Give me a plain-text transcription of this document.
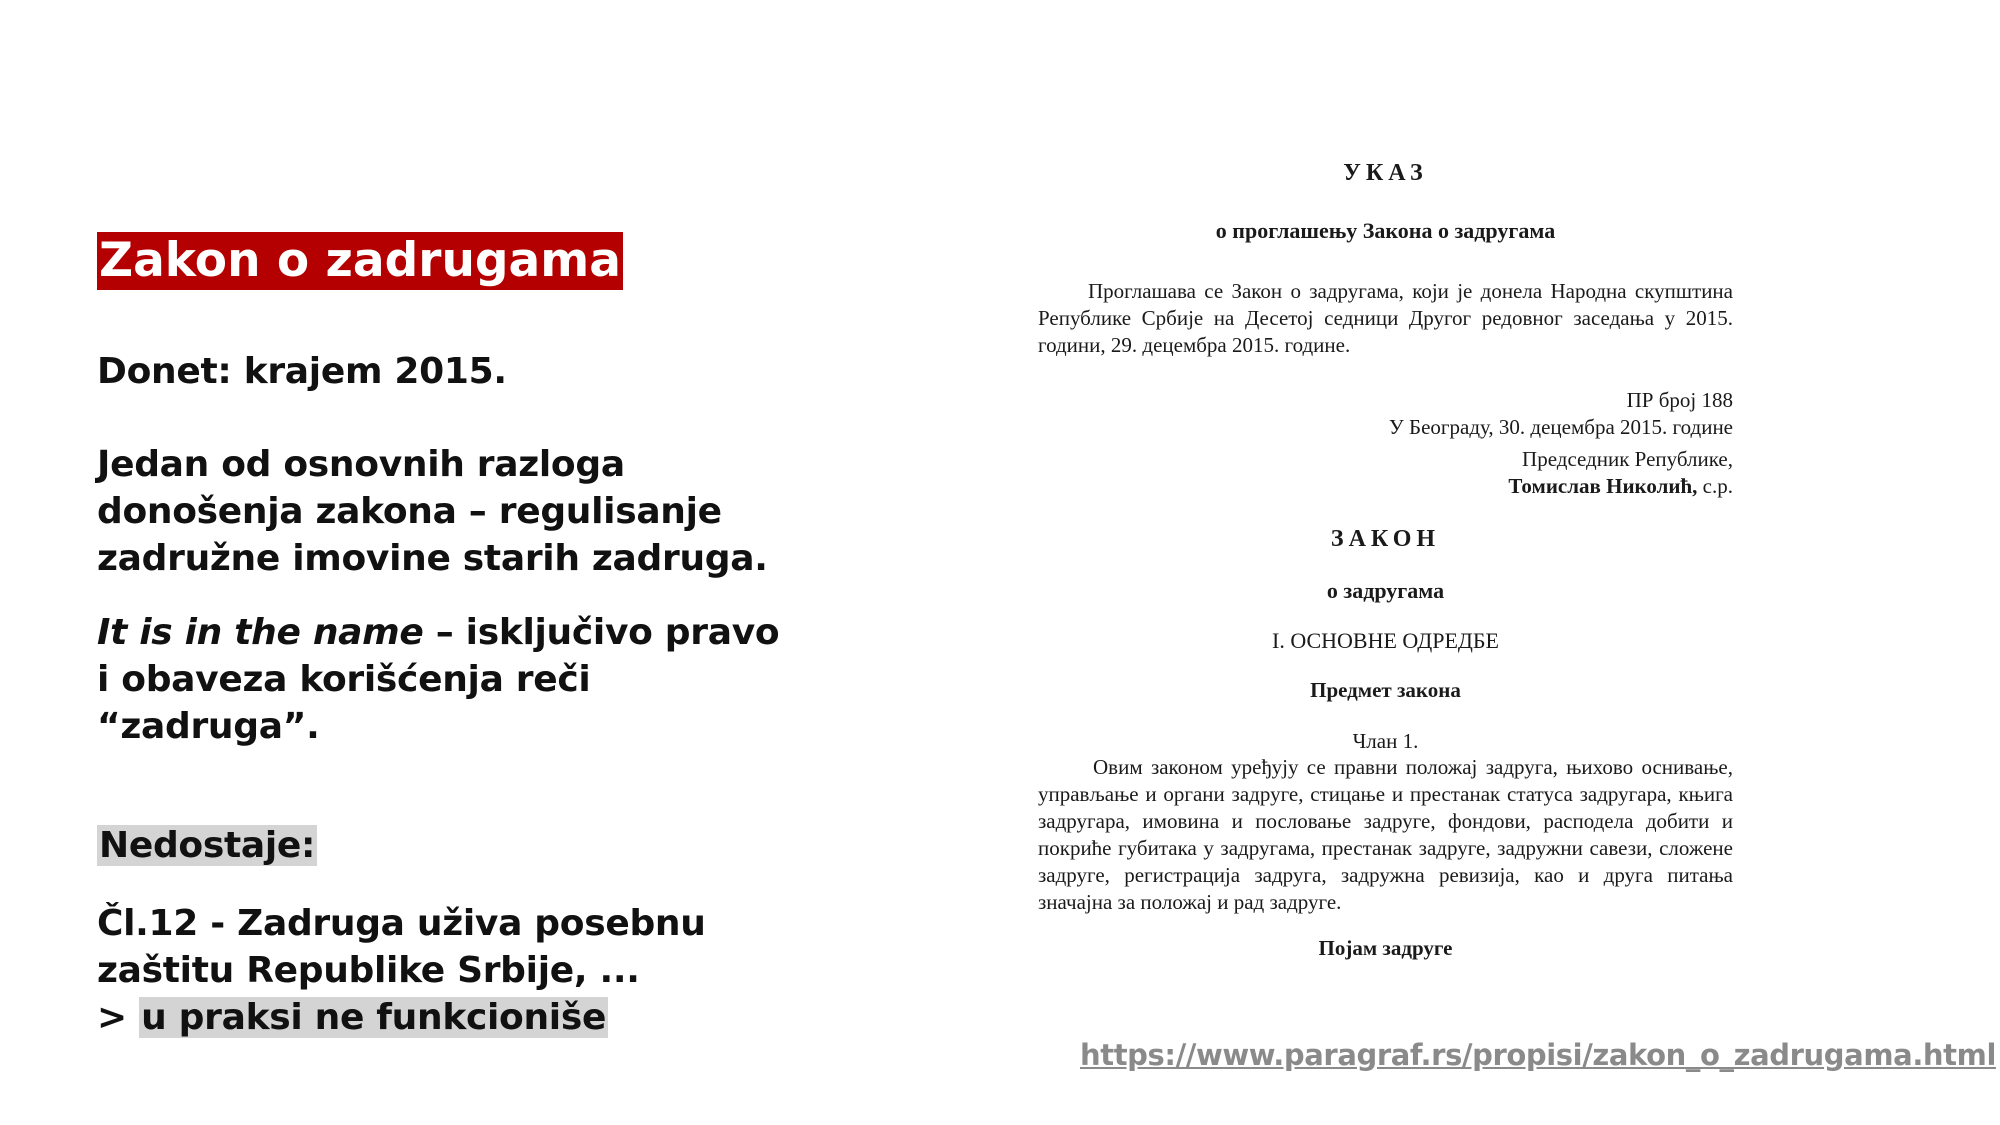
Zakon o zadrugama
Donet: krajem 2015.
Jedan od osnovnih razloga donošenja zakona – regulisanje zadružne imovine starih zadruga.
It is in the name – isključivo pravo i obaveza korišćenja reči “zadruga”.
Nedostaje:
Čl.12 - Zadruga uživa posebnu zaštitu Republike Srbije, ...
> u praksi ne funkcioniše
УКАЗ
о проглашењу Закона о задругама
Проглашава се Закон о задругама, који је донела Народна скупштина Републике Србије на Десетој седници Другог редовног заседања у 2015. години, 29. децембра 2015. године.
ПР број 188
У Београду, 30. децембра 2015. године
Председник Републике,
Томислав Николић, с.р.
ЗАКОН
о задругама
I. ОСНОВНЕ ОДРЕДБЕ
Предмет закона
Члан 1.
Овим законом уређују се правни положај задруга, њихово оснивање, управљање и органи задруге, стицање и престанак статуса задругара, књига задругара, имовина и пословање задруге, фондови, расподела добити и покриће губитака у задругама, престанак задруге, задружни савези, сложене задруге, регистрација задруга, задружна ревизија, као и друга питања значајна за положај и рад задруге.
Појам задруге
https://www.paragraf.rs/propisi/zakon_o_zadrugama.html
